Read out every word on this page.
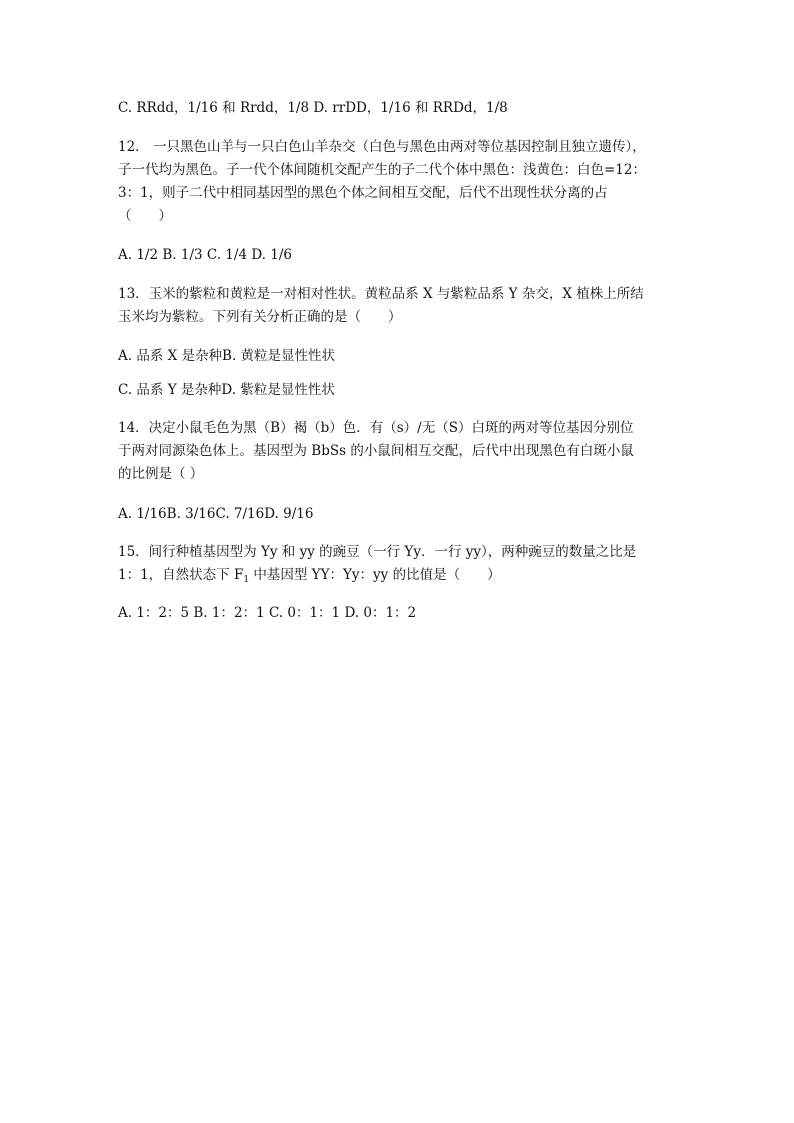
C. RRdd，1/16 和 Rrdd，1/8 D. rrDD，1/16 和 RRDd，1/8
12． 一只黑色山羊与一只白色山羊杂交（白色与黑色由两对等位基因控制且独立遗传），
子一代均为黑色。子一代个体间随机交配产生的子二代个体中黑色：浅黄色：白色=12：
3：1，则子二代中相同基因型的黑色个体之间相互交配，后代不出现性状分离的占
（　　）
A. 1/2 B. 1/3 C. 1/4 D. 1/6
13．玉米的紫粒和黄粒是一对相对性状。黄粒品系 X 与紫粒品系 Y 杂交，X 植株上所结
玉米均为紫粒。下列有关分析正确的是（　　）
A. 品系 X 是杂种B. 黄粒是显性性状
C. 品系 Y 是杂种D. 紫粒是显性性状
14．决定小鼠毛色为黑（B）褐（b）色．有（s）/无（S）白斑的两对等位基因分别位
于两对同源染色体上。基因型为 BbSs 的小鼠间相互交配，后代中出现黑色有白斑小鼠
的比例是（ ）
A. 1/16B. 3/16C. 7/16D. 9/16
15．间行种植基因型为 Yy 和 yy 的豌豆（一行 Yy．一行 yy），两种豌豆的数量之比是
1：1，自然状态下 $F_1$ 中基因型 YY：Yy：yy 的比值是（　　）
A. 1：2：5 B. 1：2：1 C. 0：1：1 D. 0：1：2
